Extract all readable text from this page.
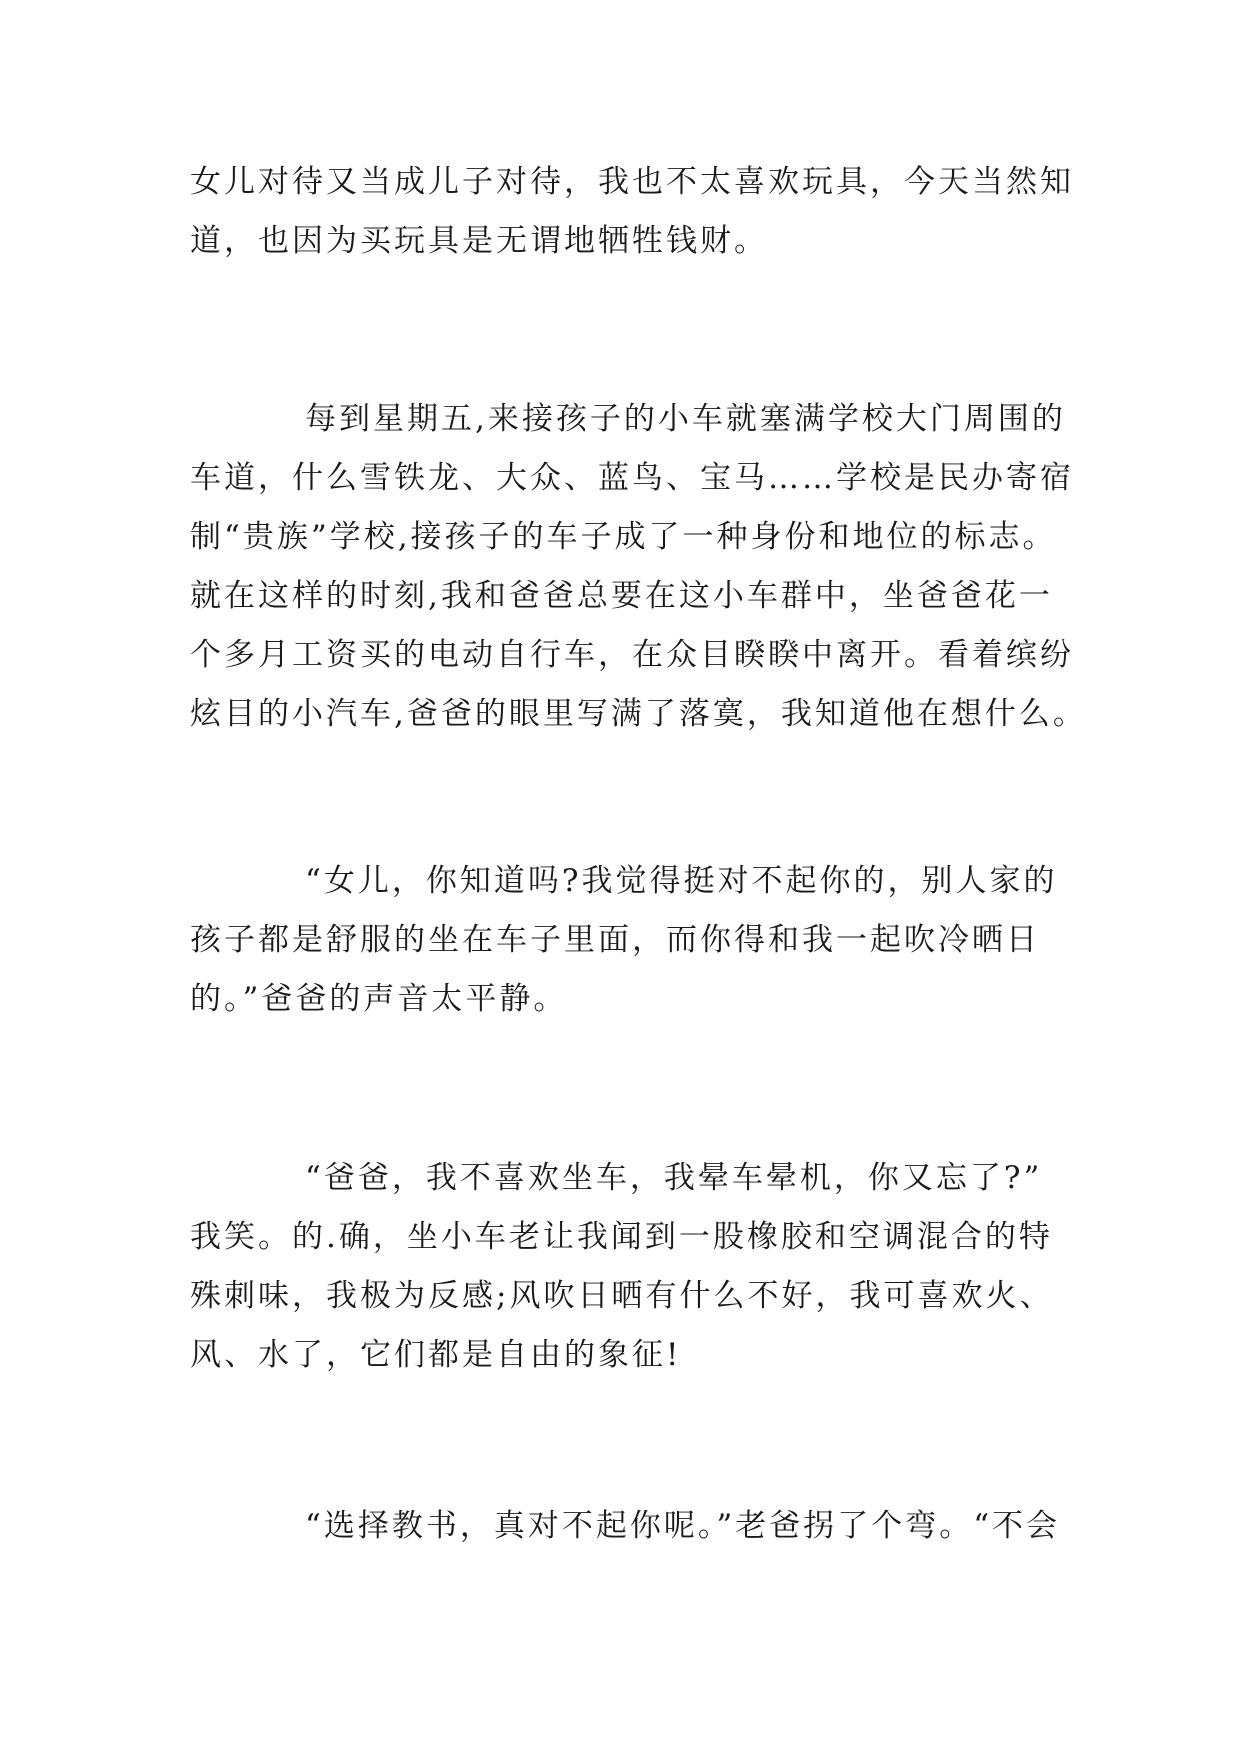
女儿对待又当成儿子对待，我也不太喜欢玩具，今天当然知
道，也因为买玩具是无谓地牺牲钱财。

每到星期五,来接孩子的小车就塞满学校大门周围的
车道，什么雪铁龙、大众、蓝鸟、宝马……学校是民办寄宿
制“贵族”学校,接孩子的车子成了一种身份和地位的标志。
就在这样的时刻,我和爸爸总要在这小车群中，坐爸爸花一
个多月工资买的电动自行车，在众目睽睽中离开。看着缤纷
炫目的小汽车,爸爸的眼里写满了落寞，我知道他在想什么。

“女儿，你知道吗?我觉得挺对不起你的，别人家的
孩子都是舒服的坐在车子里面，而你得和我一起吹冷晒日
的。”爸爸的声音太平静。

“爸爸，我不喜欢坐车，我晕车晕机，你又忘了?”
我笑。的.确，坐小车老让我闻到一股橡胶和空调混合的特
殊刺味，我极为反感;风吹日晒有什么不好，我可喜欢火、
风、水了，它们都是自由的象征!

“选择教书，真对不起你呢。”老爸拐了个弯。“不会
